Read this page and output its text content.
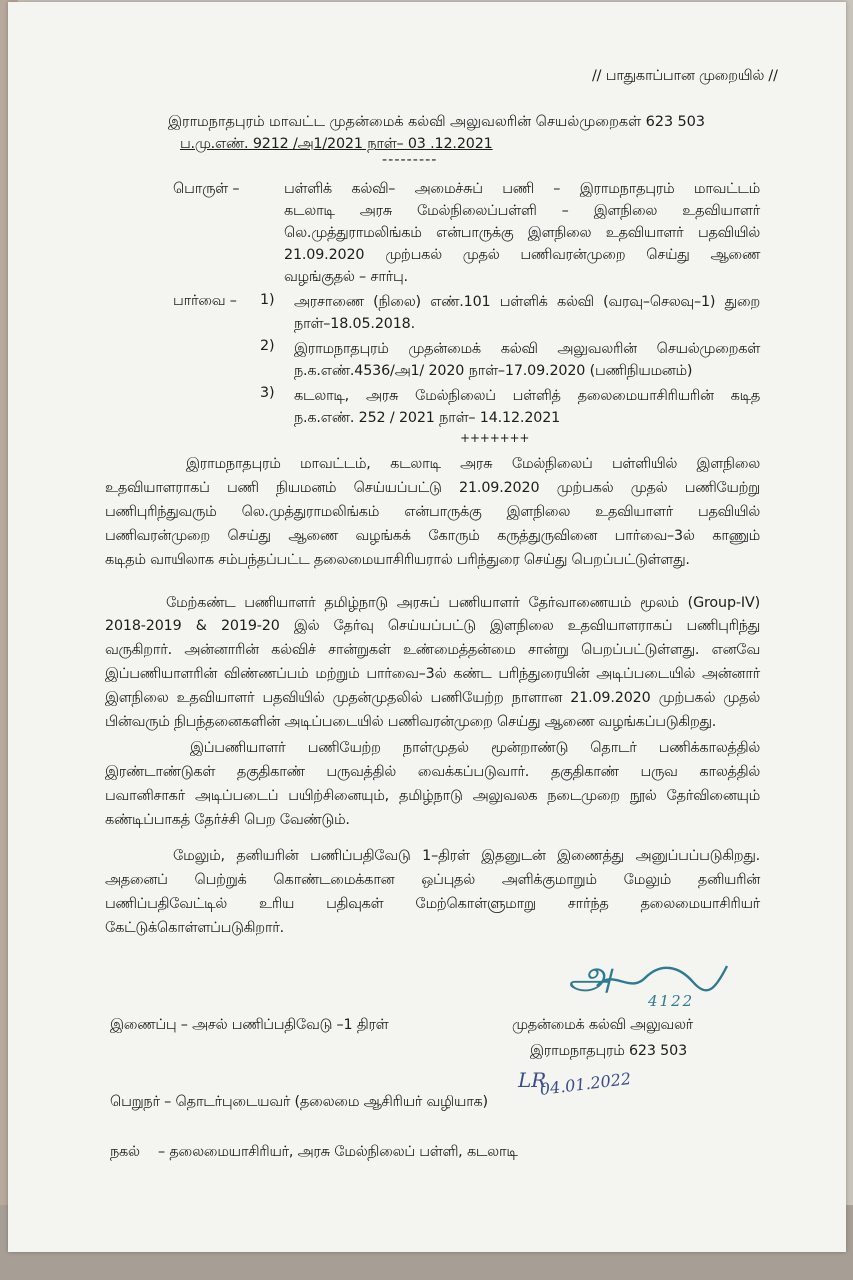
// பாதுகாப்பான முறையில் //
இராமநாதபுரம் மாவட்ட முதன்மைக் கல்வி அலுவலரின் செயல்முறைகள் 623 503
ப.மு.எண். 9212 /அ1/2021 நாள்– 03 .12.2021
---------
பொருள் –	பள்ளிக் கல்வி– அமைச்சுப் பணி – இராமநாதபுரம் மாவட்டம்
கடலாடி அரசு மேல்நிலைப்பள்ளி – இளநிலை உதவியாளர்
லெ.முத்துராமலிங்கம் என்பாருக்கு இளநிலை உதவியாளர் பதவியில்
21.09.2020 முற்பகல் முதல் பணிவரன்முறை செய்து ஆணை
வழங்குதல் – சார்பு.
பார்வை – 1) அரசாணை (நிலை) எண்.101 பள்ளிக் கல்வி (வரவு–செலவு–1) துறை
நாள்–18.05.2018.
2) இராமநாதபுரம் முதன்மைக் கல்வி அலுவலரின் செயல்முறைகள்
ந.க.எண்.4536/அ1/ 2020 நாள்–17.09.2020 (பணிநியமனம்)
3) கடலாடி, அரசு மேல்நிலைப் பள்ளித் தலைமையாசிரியரின் கடித
ந.க.எண். 252 / 2021 நாள்– 14.12.2021
+++++++
இராமநாதபுரம் மாவட்டம், கடலாடி அரசு மேல்நிலைப் பள்ளியில் இளநிலை
உதவியாளராகப் பணி நியமனம் செய்யப்பட்டு 21.09.2020 முற்பகல் முதல் பணியேற்று
பணிபுரிந்துவரும் லெ.முத்துராமலிங்கம் என்பாருக்கு இளநிலை உதவியாளர் பதவியில்
பணிவரன்முறை செய்து ஆணை வழங்கக் கோரும் கருத்துருவினை பார்வை–3ல் காணும்
கடிதம் வாயிலாக சம்பந்தப்பட்ட தலைமையாசிரியரால் பரிந்துரை செய்து பெறப்பட்டுள்ளது.
மேற்கண்ட பணியாளர் தமிழ்நாடு அரசுப் பணியாளர் தேர்வாணையம் மூலம் (Group-IV)
2018-2019 & 2019-20 இல் தேர்வு செய்யப்பட்டு இளநிலை உதவியாளராகப் பணிபுரிந்து
வருகிறார். அன்னாரின் கல்விச் சான்றுகள் உண்மைத்தன்மை சான்று பெறப்பட்டுள்ளது. எனவே
இப்பணியாளரின் விண்ணப்பம் மற்றும் பார்வை–3ல் கண்ட பரிந்துரையின் அடிப்படையில் அன்னார்
இளநிலை உதவியாளர் பதவியில் முதன்முதலில் பணியேற்ற நாளான 21.09.2020 முற்பகல் முதல்
பின்வரும் நிபந்தனைகளின் அடிப்படையில் பணிவரன்முறை செய்து ஆணை வழங்கப்படுகிறது.
இப்பணியாளர் பணியேற்ற நாள்முதல் மூன்றாண்டு தொடர் பணிக்காலத்தில்
இரண்டாண்டுகள் தகுதிகாண் பருவத்தில் வைக்கப்படுவார். தகுதிகாண் பருவ காலத்தில்
பவானிசாகர் அடிப்படைப் பயிற்சினையும், தமிழ்நாடு அலுவலக நடைமுறை நூல் தேர்வினையும்
கண்டிப்பாகத் தேர்ச்சி பெற வேண்டும்.
மேலும், தனியரின் பணிப்பதிவேடு 1–திரள் இதனுடன் இணைத்து அனுப்பப்படுகிறது.
அதனைப் பெற்றுக் கொண்டமைக்கான ஒப்புதல் அளிக்குமாறும் மேலும் தனியரின்
பணிப்பதிவேட்டில் உரிய பதிவுகள் மேற்கொள்ளுமாறு சார்ந்த தலைமையாசிரியர்
கேட்டுக்கொள்ளப்படுகிறார்.
அ
4122
இணைப்பு – அசல் பணிப்பதிவேடு –1 திரள்	முதன்மைக் கல்வி அலுவலர்
இராமநாதபுரம் 623 503
LR
04.01.2022
பெறுநர் – தொடர்புடையவர் (தலைமை ஆசிரியர் வழியாக)
நகல் – தலைமையாசிரியர், அரசு மேல்நிலைப் பள்ளி, கடலாடி
